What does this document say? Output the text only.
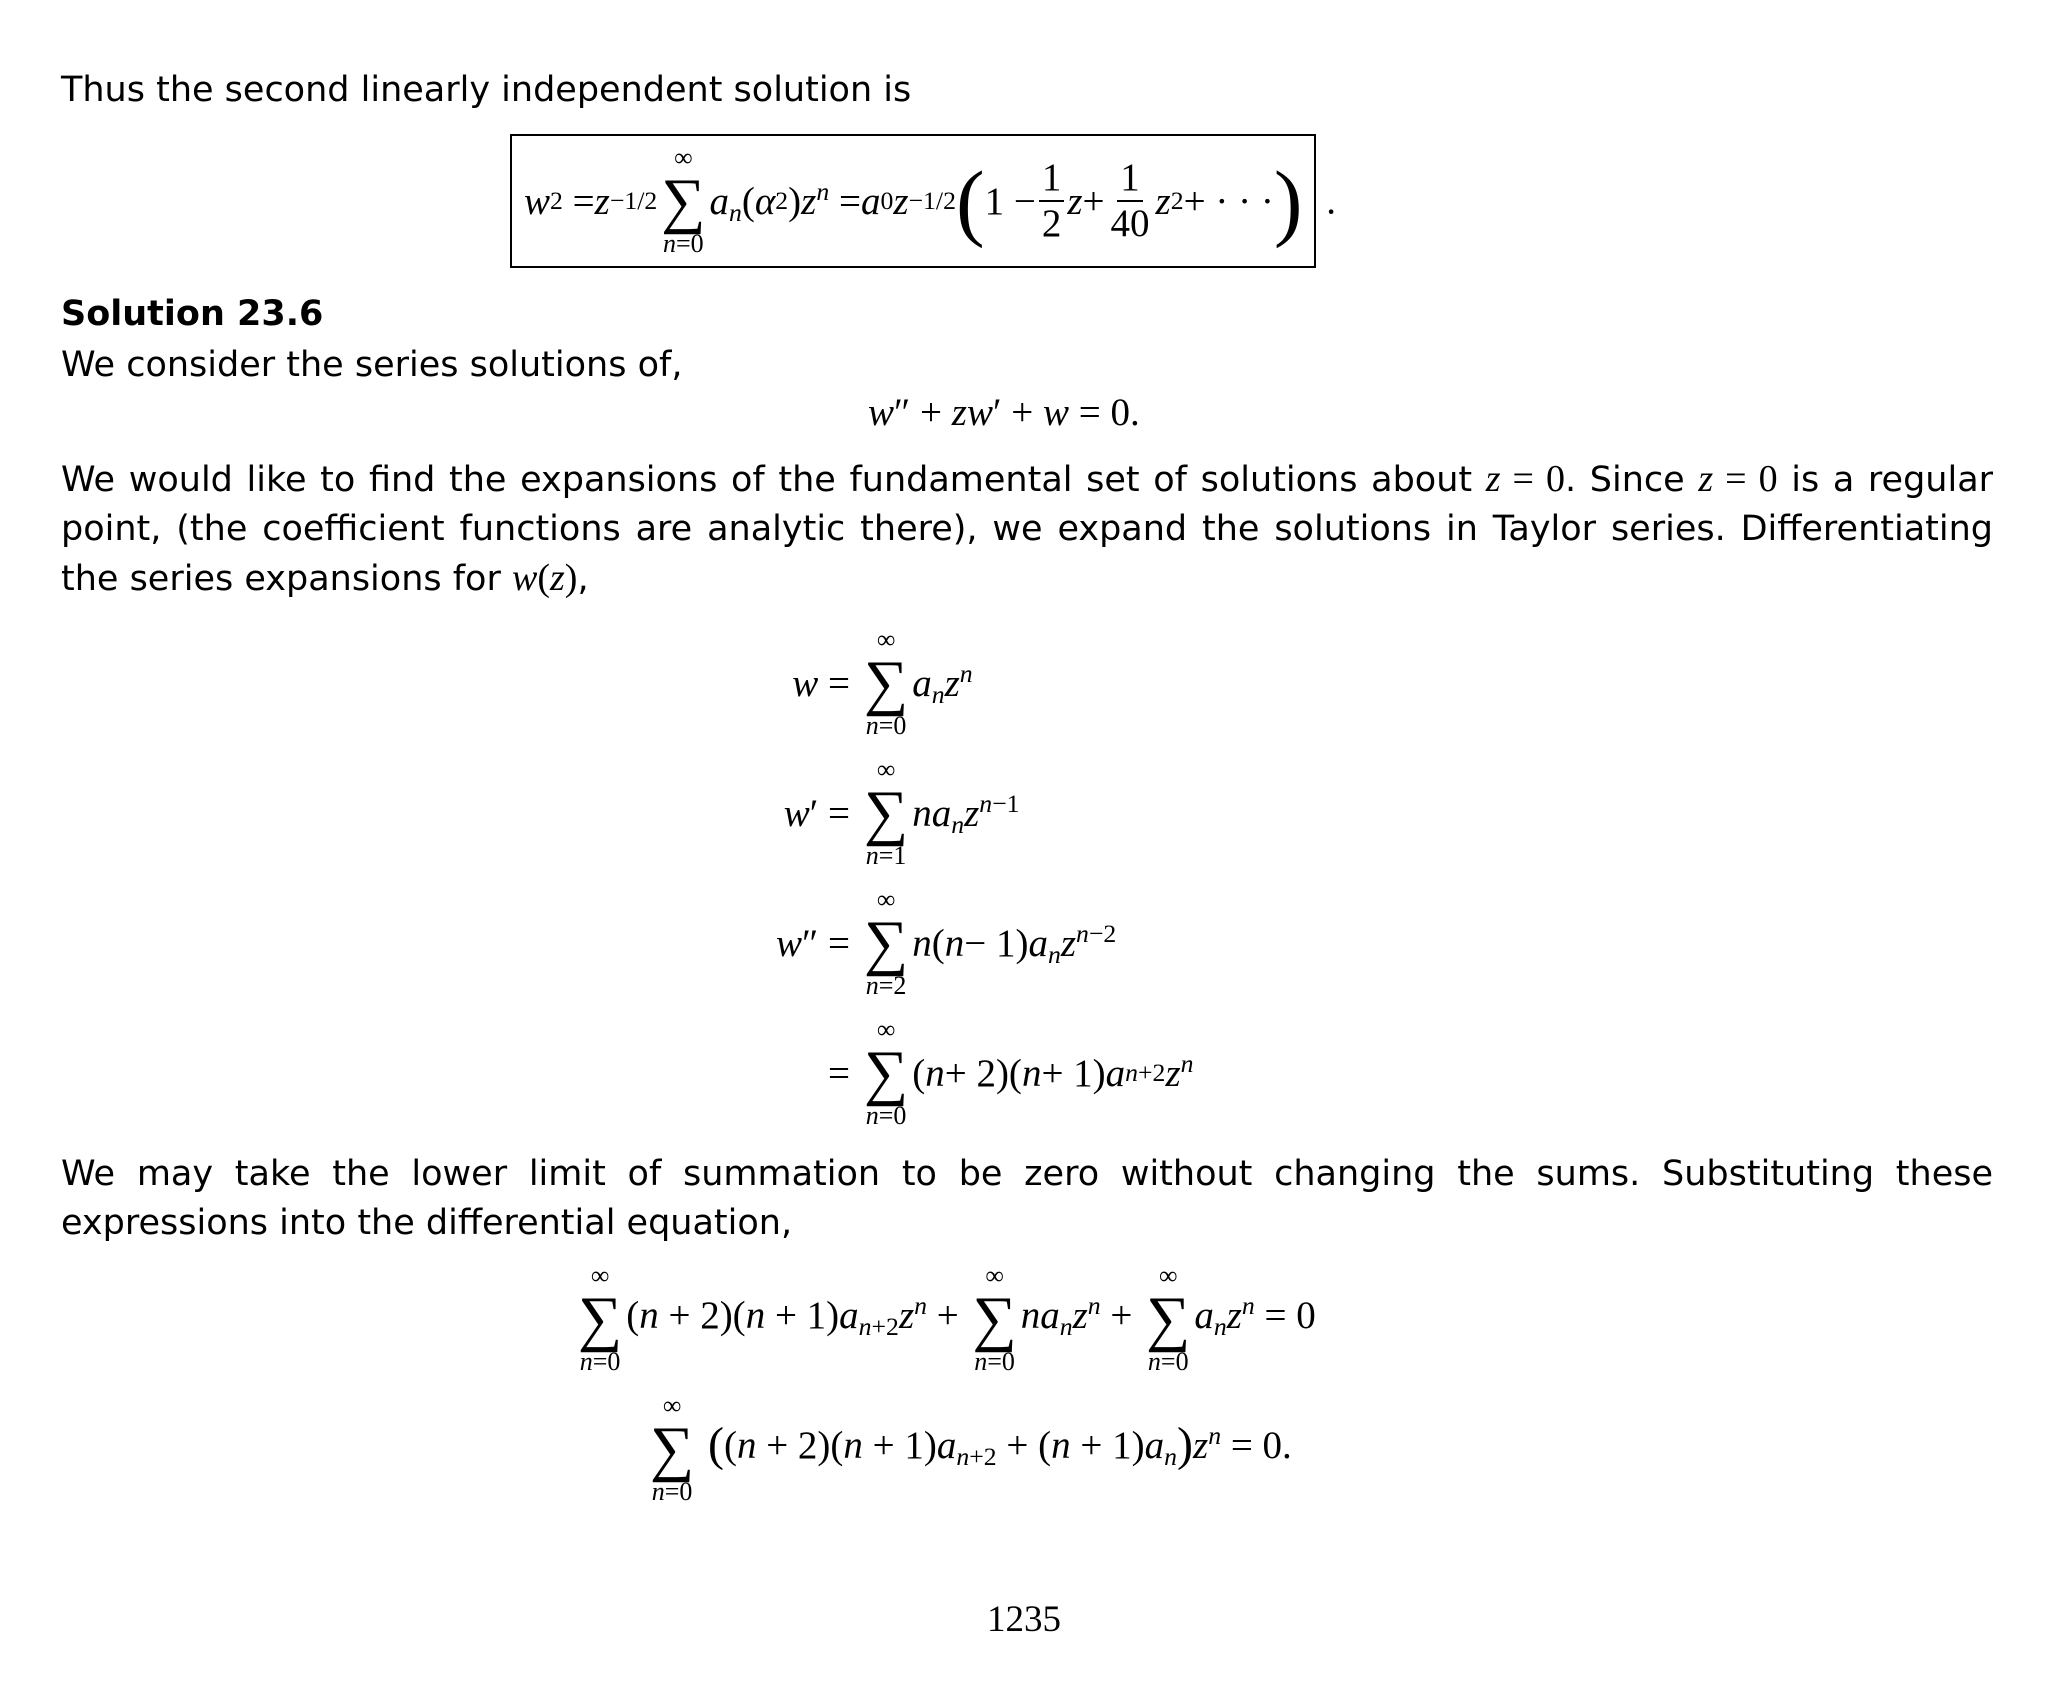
Thus the second linearly independent solution is
w 2 = z −1/2
∞
∑
n=0
$a_n$ ( α 2 ) $z^n = a$ 0 z −1/2 ( $1 - \frac{1}{2}$ $z + \frac{1}{40}$ z 2 + · · · ) .
Solution 23.6
We consider the series solutions of,
w″ + zw′ + w = 0.
We would like to find the expansions of the fundamental set of solutions about z = 0. Since z = 0 is a regular point, (the coefficient functions are analytic there), we expand the solutions in Taylor series. Differentiating the series expansions for w(z),
w =
∞
∑
n=0
$a_nz^n$
w′ =
∞
∑
n=1
$na_nz^{n-1}$
w″ =
∞
∑
n=2
n ( n − 1) $a_nz^{n-2}$
=
∞
∑
n=0
( n + 2)( n + 1) a n+2 $z^n$
We may take the lower limit of summation to be zero without changing the sums. Substituting these expressions into the differential equation,
∞
∑
n=0
$(n + 2)(n + 1)a_{n+2}z^n$ +
∞
∑
n=0
$na_nz^n$ +
∞
∑
n=0
$a_nz^n = 0$
∞
∑
n=0
$((n + 2)(n + 1)a_{n+2} + (n + 1)a_n)z^n = 0$.
1235
